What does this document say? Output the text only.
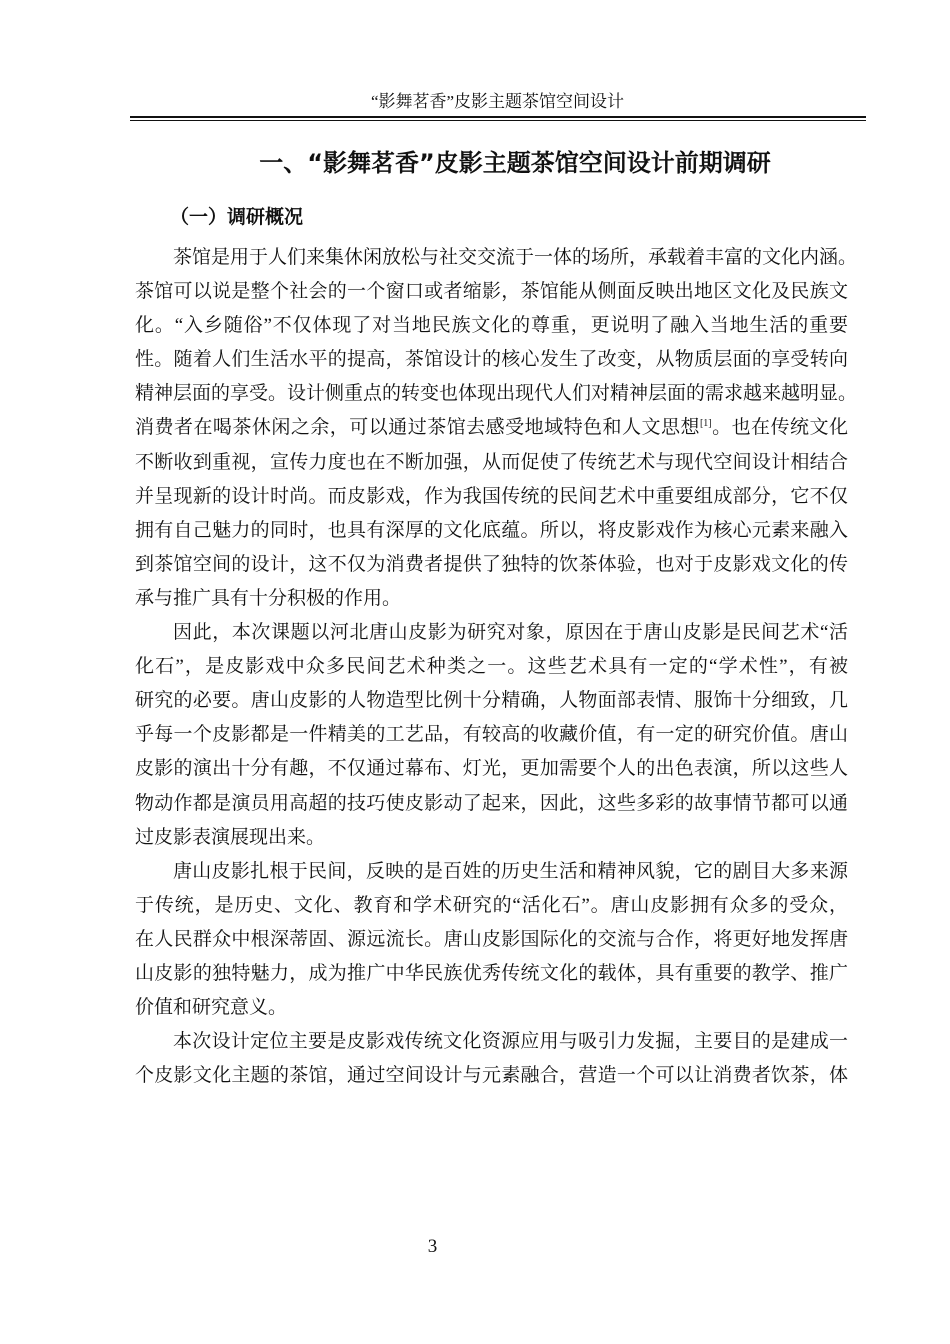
“影舞茗香”皮影主题茶馆空间设计
一、“影舞茗香”皮影主题茶馆空间设计前期调研
（一）调研概况
茶馆是用于人们来集休闲放松与社交交流于一体的场所，承载着丰富的文化内涵。
茶馆可以说是整个社会的一个窗口或者缩影，茶馆能从侧面反映出地区文化及民族文
化。“入乡随俗”不仅体现了对当地民族文化的尊重，更说明了融入当地生活的重要
性。随着人们生活水平的提高，茶馆设计的核心发生了改变，从物质层面的享受转向
精神层面的享受。设计侧重点的转变也体现出现代人们对精神层面的需求越来越明显。
消费者在喝茶休闲之余，可以通过茶馆去感受地域特色和人文思想[1]。也在传统文化
不断收到重视，宣传力度也在不断加强，从而促使了传统艺术与现代空间设计相结合
并呈现新的设计时尚。而皮影戏，作为我国传统的民间艺术中重要组成部分，它不仅
拥有自己魅力的同时，也具有深厚的文化底蕴。所以，将皮影戏作为核心元素来融入
到茶馆空间的设计，这不仅为消费者提供了独特的饮茶体验，也对于皮影戏文化的传
承与推广具有十分积极的作用。
因此，本次课题以河北唐山皮影为研究对象，原因在于唐山皮影是民间艺术“活
化石”，是皮影戏中众多民间艺术种类之一。这些艺术具有一定的“学术性”，有被
研究的必要。唐山皮影的人物造型比例十分精确，人物面部表情、服饰十分细致，几
乎每一个皮影都是一件精美的工艺品，有较高的收藏价值，有一定的研究价值。唐山
皮影的演出十分有趣，不仅通过幕布、灯光，更加需要个人的出色表演，所以这些人
物动作都是演员用高超的技巧使皮影动了起来，因此，这些多彩的故事情节都可以通
过皮影表演展现出来。
唐山皮影扎根于民间，反映的是百姓的历史生活和精神风貌，它的剧目大多来源
于传统，是历史、文化、教育和学术研究的“活化石”。唐山皮影拥有众多的受众，
在人民群众中根深蒂固、源远流长。唐山皮影国际化的交流与合作，将更好地发挥唐
山皮影的独特魅力，成为推广中华民族优秀传统文化的载体，具有重要的教学、推广
价值和研究意义。
本次设计定位主要是皮影戏传统文化资源应用与吸引力发掘，主要目的是建成一
个皮影文化主题的茶馆，通过空间设计与元素融合，营造一个可以让消费者饮茶，体
3
